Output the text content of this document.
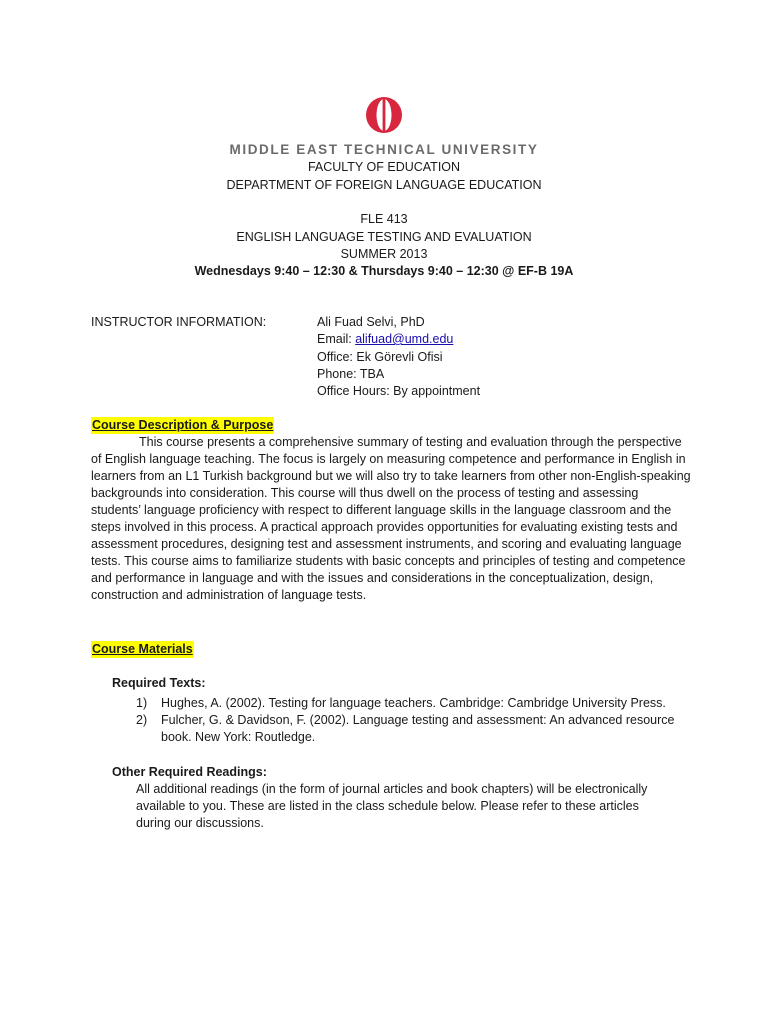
MIDDLE EAST TECHNICAL UNIVERSITY
FACULTY OF EDUCATION
DEPARTMENT OF FOREIGN LANGUAGE EDUCATION
FLE 413
ENGLISH LANGUAGE TESTING AND EVALUATION
SUMMER 2013
Wednesdays 9:40 – 12:30 & Thursdays 9:40 – 12:30 @ EF-B 19A
INSTRUCTOR INFORMATION:	Ali Fuad Selvi, PhD
Email: alifuad@umd.edu
Office: Ek Görevli Ofisi
Phone: TBA
Office Hours: By appointment
Course Description & Purpose

This course presents a comprehensive summary of testing and evaluation through the perspective of English language teaching. The focus is largely on measuring competence and performance in English in learners from an L1 Turkish background but we will also try to take learners from other non-English-speaking backgrounds into consideration. This course will thus dwell on the process of testing and assessing students’ language proficiency with respect to different language skills in the language classroom and the steps involved in this process. A practical approach provides opportunities for evaluating existing tests and assessment procedures, designing test and assessment instruments, and scoring and evaluating language tests. This course aims to familiarize students with basic concepts and principles of testing and competence and performance in language and with the issues and considerations in the conceptualization, design, construction and administration of language tests.

Course Materials
Required Texts:
1) Hughes, A. (2002). Testing for language teachers. Cambridge: Cambridge University Press.
2) Fulcher, G. & Davidson, F. (2002). Language testing and assessment: An advanced resource book. New York: Routledge.
Other Required Readings:

All additional readings (in the form of journal articles and book chapters) will be electronically available to you. These are listed in the class schedule below. Please refer to these articles during our discussions.
